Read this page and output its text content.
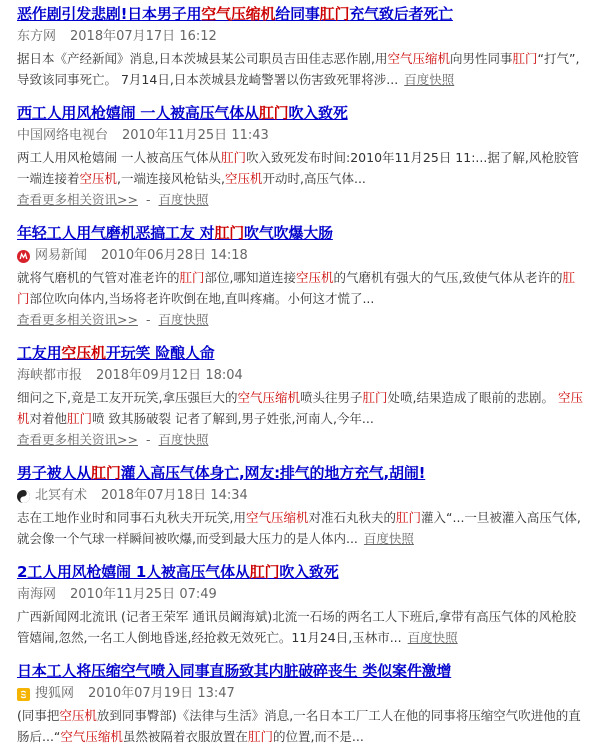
恶作剧引发悲剧!日本男子用空气压缩机给同事肛门充气致后者死亡
东方网 2018年07月17日 16:12
据日本《产经新闻》消息,日本茨城县某公司职员吉田佳志恶作剧,用空气压缩机向男性同事肛门“打气”,导致该同事死亡。 7月14日,日本茨城县龙崎警署以伤害致死罪将涉... 百度快照
西工人用风枪嬉闹 一人被高压气体从肛门吹入致死
中国网络电视台 2010年11月25日 11:43
两工人用风枪嬉闹 一人被高压气体从肛门吹入致死发布时间:2010年11月25日 11:...据了解,风枪胶管一端连接着空压机,一端连接风枪钻头,空压机开动时,高压气体...
查看更多相关资讯>> - 百度快照
年轻工人用气磨机恶搞工友 对肛门吹气吹爆大肠
网易新闻 2010年06月28日 14:18
就将气磨机的气管对准老许的肛门部位,哪知道连接空压机的气磨机有强大的气压,致使气体从老许的肛门部位吹向体内,当场将老许吹倒在地,直叫疼痛。小何这才慌了...
查看更多相关资讯>> - 百度快照
工友用空压机开玩笑 险酿人命
海峡都市报 2018年09月12日 18:04
细问之下,竟是工友开玩笑,拿压强巨大的空气压缩机喷头往男子肛门处喷,结果造成了眼前的悲剧。 空压机对着他肛门喷 致其肠破裂 记者了解到,男子姓张,河南人,今年...
查看更多相关资讯>> - 百度快照
男子被人从肛门灌入高压气体身亡,网友:排气的地方充气,胡闹!
北冥有术 2018年07月18日 14:34
志在工地作业时和同事石丸秋夫开玩笑,用空气压缩机对准石丸秋夫的肛门灌入“...一旦被灌入高压气体,就会像一个气球一样瞬间被吹爆,而受到最大压力的是人体内... 百度快照
2工人用风枪嬉闹 1人被高压气体从肛门吹入致死
南海网 2010年11月25日 07:49
广西新闻网北流讯 (记者王荣军 通讯员阚海斌)北流一石场的两名工人下班后,拿带有高压气体的风枪胶管嬉闹,忽然,一名工人倒地昏迷,经抢救无效死亡。11月24日,玉林市... 百度快照
日本工人将压缩空气喷入同事直肠致其内脏破碎丧生 类似案件激增
搜狐网 2010年07月19日 13:47
(同事把空压机放到同事臀部)《法律与生活》消息,一名日本工厂工人在他的同事将压缩空气吹进他的直肠后...“空气压缩机虽然被隔着衣服放置在肛门的位置,而不是...
